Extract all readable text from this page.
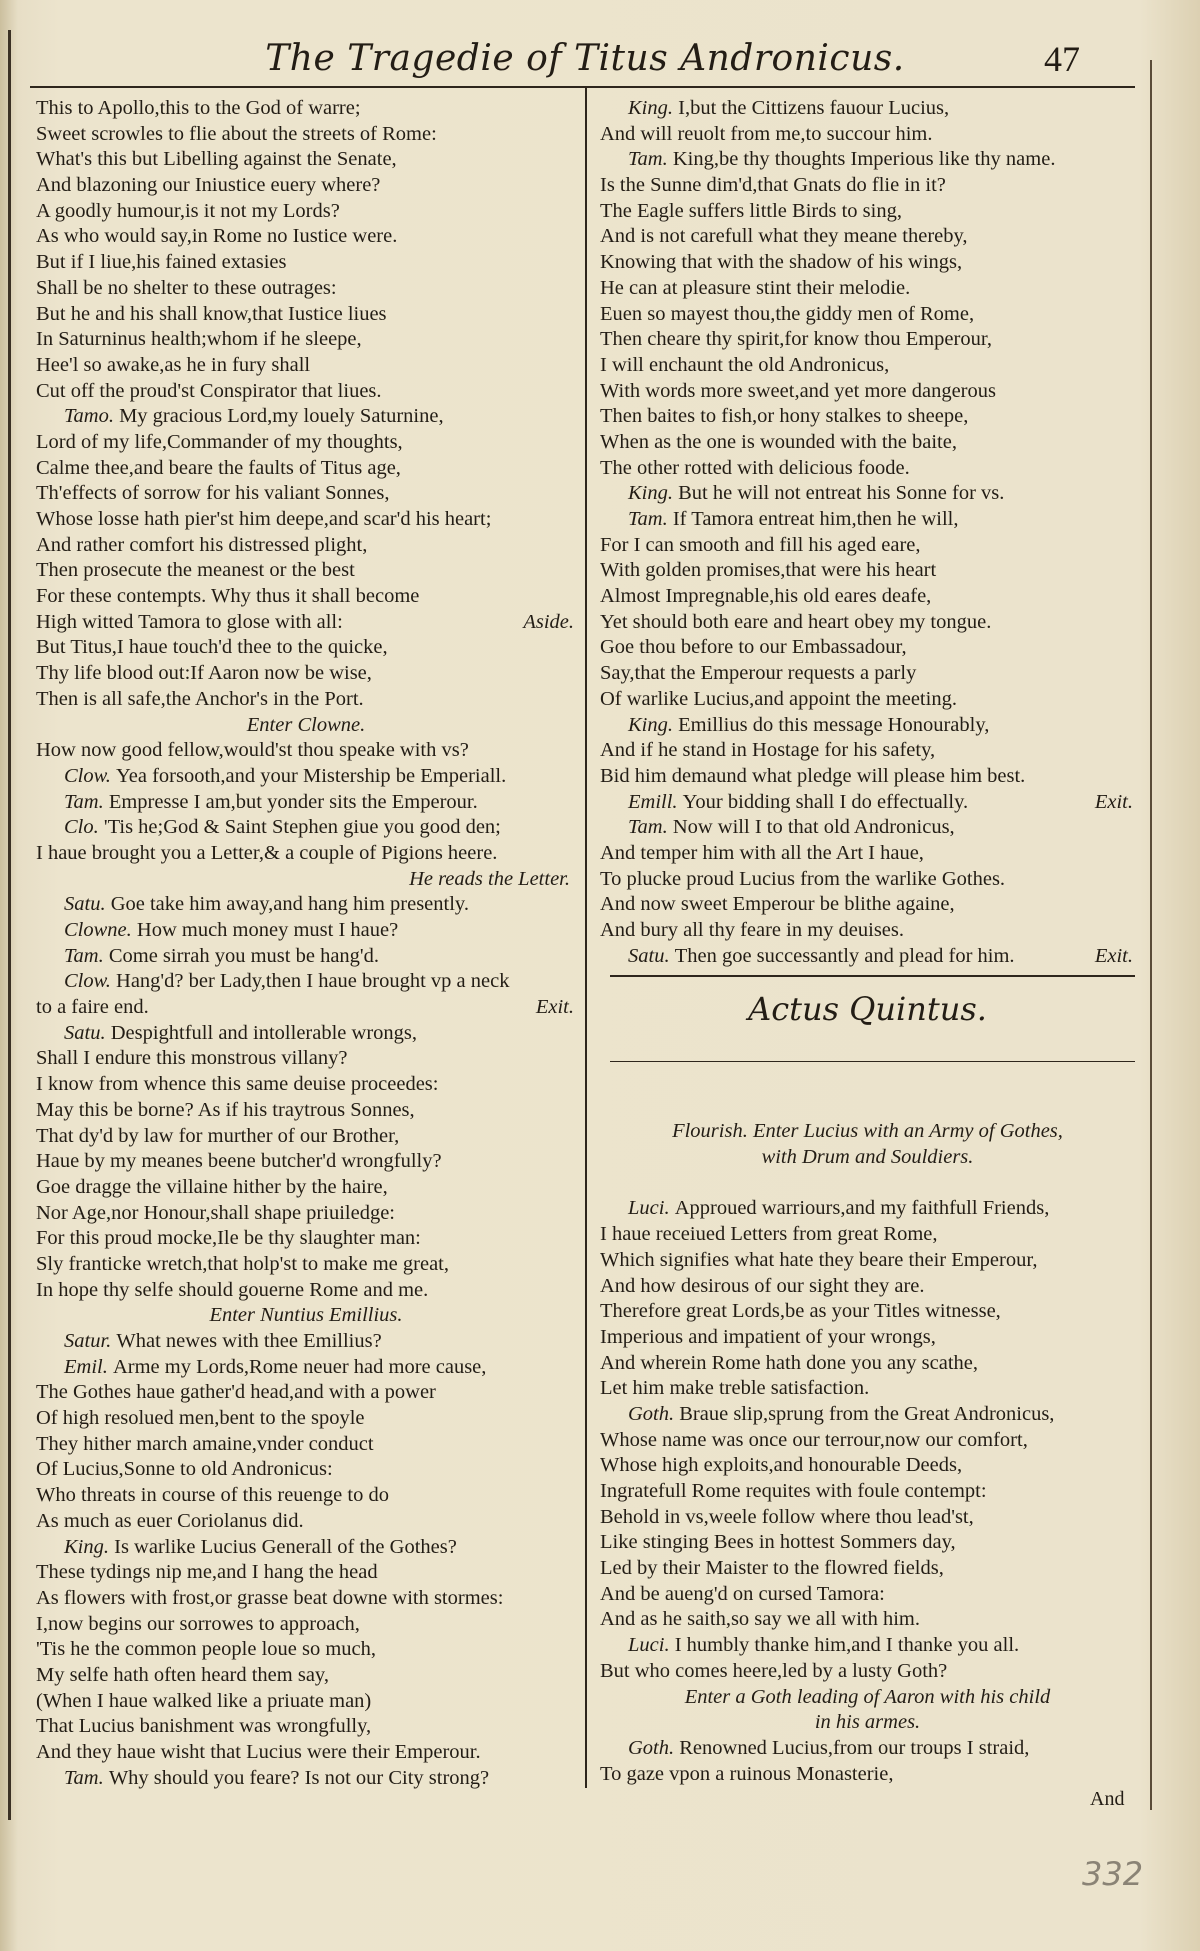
The Tragedie of Titus Andronicus.	47
This to Apollo,this to the God of warre;
Sweet scrowles to flie about the streets of Rome:
What's this but Libelling against the Senate,
And blazoning our Iniustice euery where?
A goodly humour,is it not my Lords?
As who would say,in Rome no Iustice were.
But if I liue,his fained extasies
Shall be no shelter to these outrages:
But he and his shall know,that Iustice liues
In Saturninus health;whom if he sleepe,
Hee'l so awake,as he in fury shall
Cut off the proud'st Conspirator that liues.
Tamo. My gracious Lord,my louely Saturnine,
Lord of my life,Commander of my thoughts,
Calme thee,and beare the faults of Titus age,
Th'effects of sorrow for his valiant Sonnes,
Whose losse hath pier'st him deepe,and scar'd his heart;
And rather comfort his distressed plight,
Then prosecute the meanest or the best
For these contempts. Why thus it shall become
High witted Tamora to glose with all:	Aside.
But Titus,I haue touch'd thee to the quicke,
Thy life blood out:If Aaron now be wise,
Then is all safe,the Anchor's in the Port.
Enter Clowne.
How now good fellow,would'st thou speake with vs?
Clow. Yea forsooth,and your Mistership be Emperiall.
Tam. Empresse I am,but yonder sits the Emperour.
Clo. 'Tis he;God & Saint Stephen giue you good den;
I haue brought you a Letter,& a couple of Pigions heere.
He reads the Letter.
Satu. Goe take him away,and hang him presently.
Clowne. How much money must I haue?
Tam. Come sirrah you must be hang'd.
Clow. Hang'd? ber Lady,then I haue brought vp a neck
to a faire end.	Exit.
Satu. Despightfull and intollerable wrongs,
Shall I endure this monstrous villany?
I know from whence this same deuise proceedes:
May this be borne? As if his traytrous Sonnes,
That dy'd by law for murther of our Brother,
Haue by my meanes beene butcher'd wrongfully?
Goe dragge the villaine hither by the haire,
Nor Age,nor Honour,shall shape priuiledge:
For this proud mocke,Ile be thy slaughter man:
Sly franticke wretch,that holp'st to make me great,
In hope thy selfe should gouerne Rome and me.
Enter Nuntius Emillius.
Satur. What newes with thee Emillius?
Emil. Arme my Lords,Rome neuer had more cause,
The Gothes haue gather'd head,and with a power
Of high resolued men,bent to the spoyle
They hither march amaine,vnder conduct
Of Lucius,Sonne to old Andronicus:
Who threats in course of this reuenge to do
As much as euer Coriolanus did.
King. Is warlike Lucius Generall of the Gothes?
These tydings nip me,and I hang the head
As flowers with frost,or grasse beat downe with stormes:
I,now begins our sorrowes to approach,
'Tis he the common people loue so much,
My selfe hath often heard them say,
(When I haue walked like a priuate man)
That Lucius banishment was wrongfully,
And they haue wisht that Lucius were their Emperour.
Tam. Why should you feare? Is not our City strong?
King. I,but the Cittizens fauour Lucius,
And will reuolt from me,to succour him.
Tam. King,be thy thoughts Imperious like thy name.
Is the Sunne dim'd,that Gnats do flie in it?
The Eagle suffers little Birds to sing,
And is not carefull what they meane thereby,
Knowing that with the shadow of his wings,
He can at pleasure stint their melodie.
Euen so mayest thou,the giddy men of Rome,
Then cheare thy spirit,for know thou Emperour,
I will enchaunt the old Andronicus,
With words more sweet,and yet more dangerous
Then baites to fish,or hony stalkes to sheepe,
When as the one is wounded with the baite,
The other rotted with delicious foode.
King. But he will not entreat his Sonne for vs.
Tam. If Tamora entreat him,then he will,
For I can smooth and fill his aged eare,
With golden promises,that were his heart
Almost Impregnable,his old eares deafe,
Yet should both eare and heart obey my tongue.
Goe thou before to our Embassadour,
Say,that the Emperour requests a parly
Of warlike Lucius,and appoint the meeting.
King. Emillius do this message Honourably,
And if he stand in Hostage for his safety,
Bid him demaund what pledge will please him best.
Emill. Your bidding shall I do effectually.	Exit.
Tam. Now will I to that old Andronicus,
And temper him with all the Art I haue,
To plucke proud Lucius from the warlike Gothes.
And now sweet Emperour be blithe againe,
And bury all thy feare in my deuises.
Satu. Then goe successantly and plead for him.	Exit.
Actus Quintus.
Flourish. Enter Lucius with an Army of Gothes,
with Drum and Souldiers.
Luci. Approued warriours,and my faithfull Friends,
I haue receiued Letters from great Rome,
Which signifies what hate they beare their Emperour,
And how desirous of our sight they are.
Therefore great Lords,be as your Titles witnesse,
Imperious and impatient of your wrongs,
And wherein Rome hath done you any scathe,
Let him make treble satisfaction.
Goth. Braue slip,sprung from the Great Andronicus,
Whose name was once our terrour,now our comfort,
Whose high exploits,and honourable Deeds,
Ingratefull Rome requites with foule contempt:
Behold in vs,weele follow where thou lead'st,
Like stinging Bees in hottest Sommers day,
Led by their Maister to the flowred fields,
And be aueng'd on cursed Tamora:
And as he saith,so say we all with him.
Luci. I humbly thanke him,and I thanke you all.
But who comes heere,led by a lusty Goth?
Enter a Goth leading of Aaron with his child
in his armes.
Goth. Renowned Lucius,from our troups I straid,
To gaze vpon a ruinous Monasterie,
And
332
